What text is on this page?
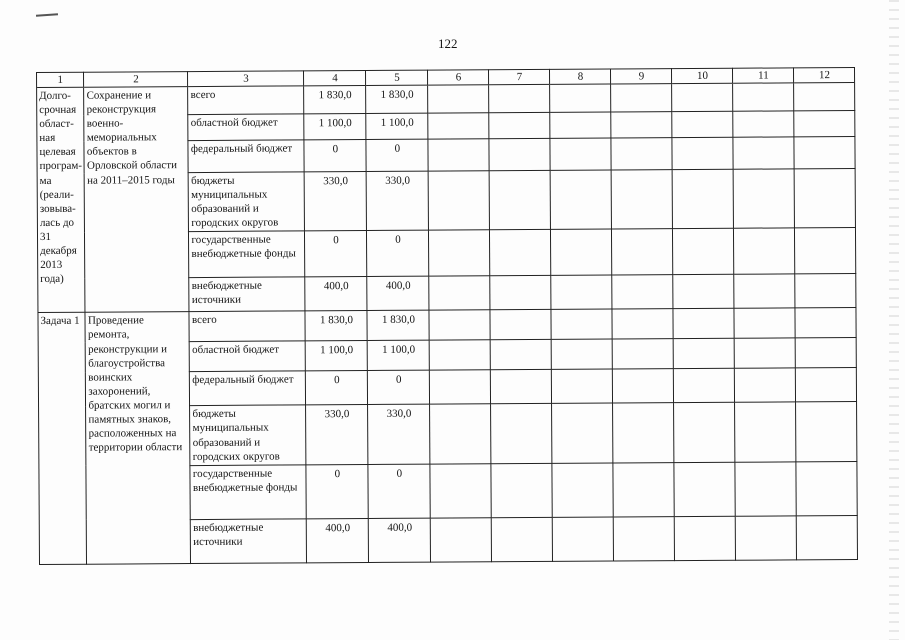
122
1	2	3	4	5	6	7	8	9	10	11	12
Долго-срочная област-ная целевая програм-ма (реали-зовыва-лась до 31 декабря 2013 года)	Сохранение и реконструкция военно-мемориальных объектов в Орловской области на 2011–2015 годы	всего	1 830,0	1 830,0							
		областной бюджет	1 100,0	1 100,0							
		федеральный бюджет	0	0							
		бюджеты муниципальных образований и городских округов	330,0	330,0							
		государственные внебюджетные фонды	0	0							
		внебюджетные источники	400,0	400,0							
Задача 1	Проведение ремонта, реконструкции и благоустройства воинских захоронений, братских могил и памятных знаков, расположенных на территории области	всего	1 830,0	1 830,0							
		областной бюджет	1 100,0	1 100,0							
		федеральный бюджет	0	0							
		бюджеты муниципальных образований и городских округов	330,0	330,0							
		государственные внебюджетные фонды	0	0							
		внебюджетные источники	400,0	400,0							
